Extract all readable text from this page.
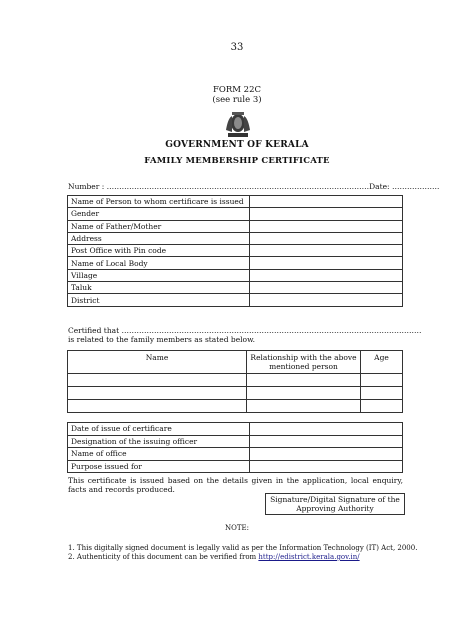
33
FORM 22C
(see rule 3)
GOVERNMENT OF KERALA
FAMILY MEMBERSHIP CERTIFICATE
Number : ……………………………………………………………………………………………Date: ……………….
Name of Person to whom certificare is issued	
Gender	
Name of Father/Mother	
Address	
Post Office with Pin code	
Name of Local Body	
Village	
Taluk	
District	
Certified that …………………………………………………………………………………………………………
is related to the family members as stated below.
Name	Relationship with the above mentioned person	Age

Date of issue of certificare	
Designation of the issuing officer	
Name of office	
Purpose issued for	
This certificate is issued based on the details given in the application, local enquiry, facts and records produced.
Signature/Digital Signature of the Approving Authority
NOTE:
1. This digitally signed document is legally valid as per the Information Technology (IT) Act, 2000.
2. Authenticity of this document can be verified from http://edistrict.kerala.gov.in/
